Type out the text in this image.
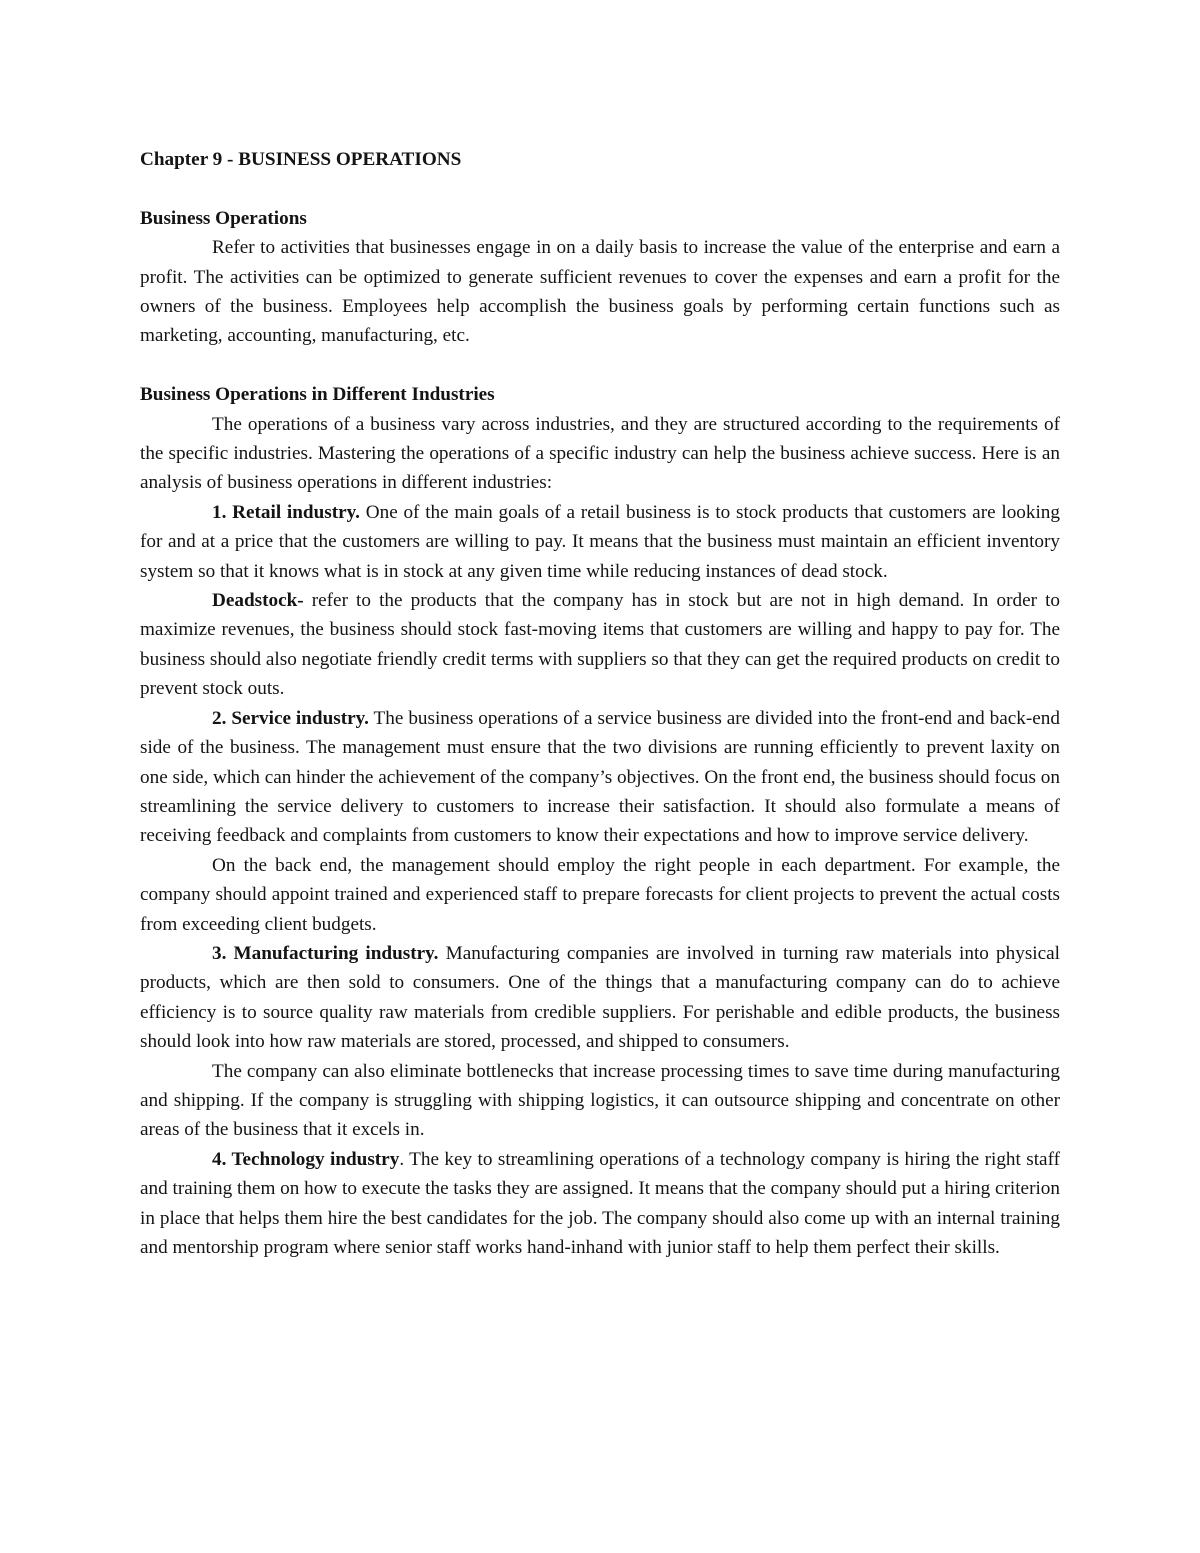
Chapter 9 - BUSINESS OPERATIONS
Business Operations

Refer to activities that businesses engage in on a daily basis to increase the value of the enterprise and earn a profit. The activities can be optimized to generate sufficient revenues to cover the expenses and earn a profit for the owners of the business. Employees help accomplish the business goals by performing certain functions such as marketing, accounting, manufacturing, etc.

Business Operations in Different Industries

The operations of a business vary across industries, and they are structured according to the requirements of the specific industries. Mastering the operations of a specific industry can help the business achieve success. Here is an analysis of business operations in different industries:

1. Retail industry. One of the main goals of a retail business is to stock products that customers are looking for and at a price that the customers are willing to pay. It means that the business must maintain an efficient inventory system so that it knows what is in stock at any given time while reducing instances of dead stock.

Deadstock- refer to the products that the company has in stock but are not in high demand. In order to maximize revenues, the business should stock fast-moving items that customers are willing and happy to pay for. The business should also negotiate friendly credit terms with suppliers so that they can get the required products on credit to prevent stock outs.

2. Service industry. The business operations of a service business are divided into the front-end and back-end side of the business. The management must ensure that the two divisions are running efficiently to prevent laxity on one side, which can hinder the achievement of the company’s objectives. On the front end, the business should focus on streamlining the service delivery to customers to increase their satisfaction. It should also formulate a means of receiving feedback and complaints from customers to know their expectations and how to improve service delivery.

On the back end, the management should employ the right people in each department. For example, the company should appoint trained and experienced staff to prepare forecasts for client projects to prevent the actual costs from exceeding client budgets.

3. Manufacturing industry. Manufacturing companies are involved in turning raw materials into physical products, which are then sold to consumers. One of the things that a manufacturing company can do to achieve efficiency is to source quality raw materials from credible suppliers. For perishable and edible products, the business should look into how raw materials are stored, processed, and shipped to consumers.

The company can also eliminate bottlenecks that increase processing times to save time during manufacturing and shipping. If the company is struggling with shipping logistics, it can outsource shipping and concentrate on other areas of the business that it excels in.

4. Technology industry. The key to streamlining operations of a technology company is hiring the right staff and training them on how to execute the tasks they are assigned. It means that the company should put a hiring criterion in place that helps them hire the best candidates for the job. The company should also come up with an internal training and mentorship program where senior staff works hand-inhand with junior staff to help them perfect their skills.
